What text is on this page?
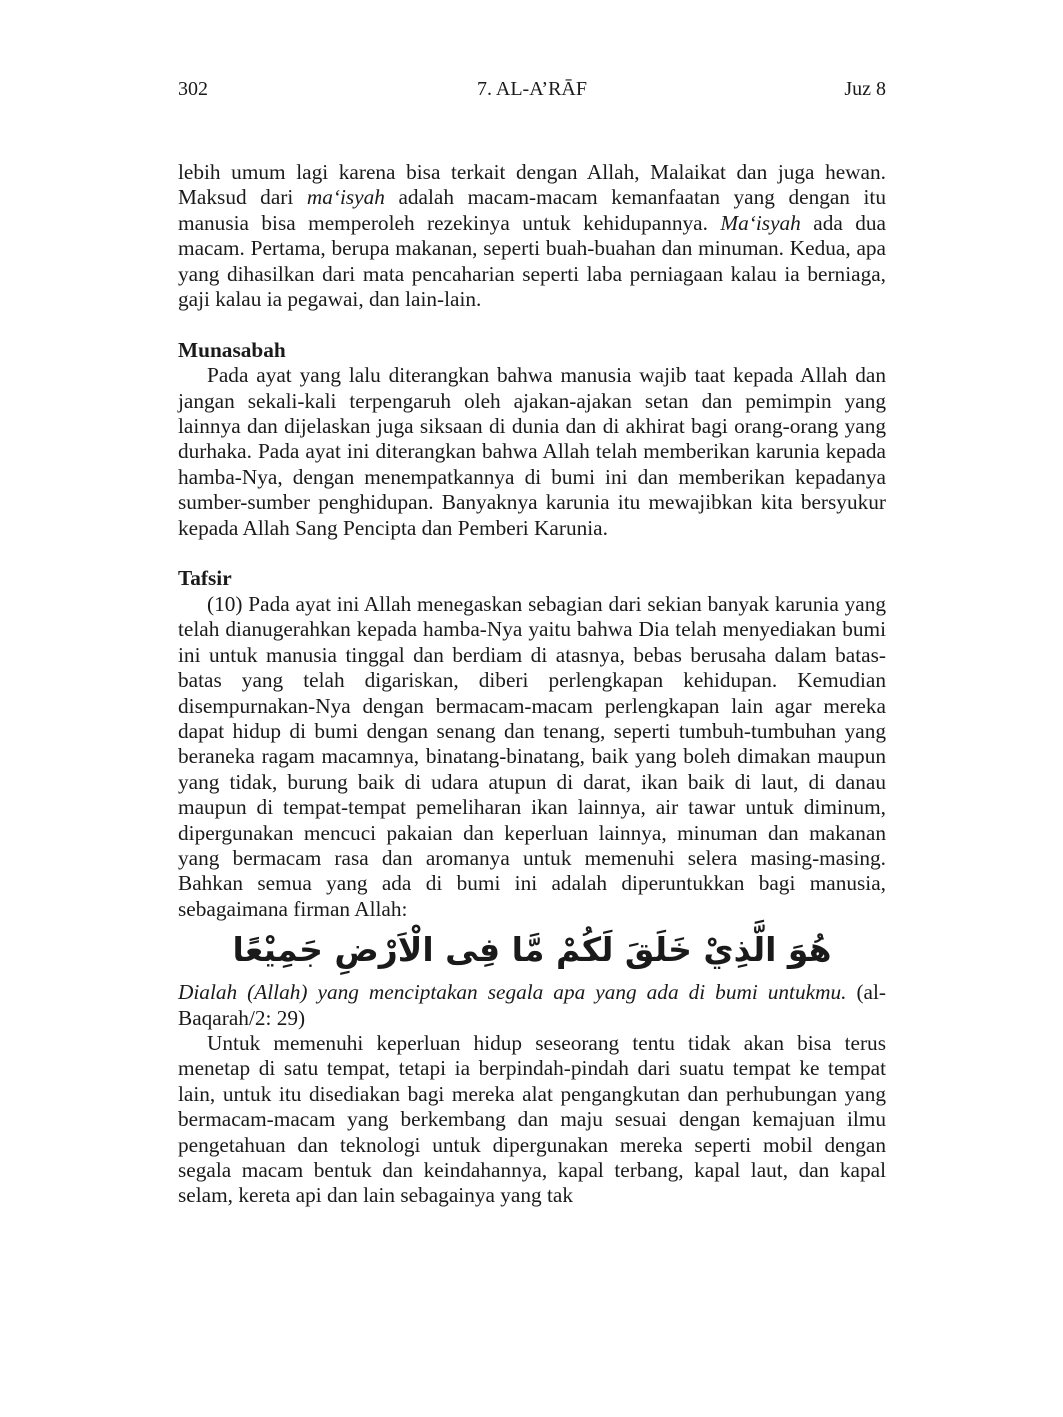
302	7. AL-A’RĀF	Juz 8

lebih umum lagi karena bisa terkait dengan Allah, Malaikat dan juga hewan. Maksud dari ma‘isyah adalah macam-macam kemanfaatan yang dengan itu manusia bisa memperoleh rezekinya untuk kehidupannya. Ma‘isyah ada dua macam. Pertama, berupa makanan, seperti buah-buahan dan minuman. Kedua, apa yang dihasilkan dari mata pencaharian seperti laba perniagaan kalau ia berniaga, gaji kalau ia pegawai, dan lain-lain.

Munasabah

Pada ayat yang lalu diterangkan bahwa manusia wajib taat kepada Allah dan jangan sekali-kali terpengaruh oleh ajakan-ajakan setan dan pemimpin yang lainnya dan dijelaskan juga siksaan di dunia dan di akhirat bagi orang-orang yang durhaka. Pada ayat ini diterangkan bahwa Allah telah memberikan karunia kepada hamba-Nya, dengan menempatkannya di bumi ini dan memberikan kepadanya sumber-sumber penghidupan. Banyaknya karunia itu mewajibkan kita bersyukur kepada Allah Sang Pencipta dan Pemberi Karunia.

Tafsir

(10) Pada ayat ini Allah menegaskan sebagian dari sekian banyak karunia yang telah dianugerahkan kepada hamba-Nya yaitu bahwa Dia telah menyediakan bumi ini untuk manusia tinggal dan berdiam di atasnya, bebas berusaha dalam batas-batas yang telah digariskan, diberi perlengkapan kehidupan. Kemudian disempurnakan-Nya dengan bermacam-macam perlengkapan lain agar mereka dapat hidup di bumi dengan senang dan tenang, seperti tumbuh-tumbuhan yang beraneka ragam macamnya, binatang-binatang, baik yang boleh dimakan maupun yang tidak, burung baik di udara atupun di darat, ikan baik di laut, di danau maupun di tempat-tempat pemeliharan ikan lainnya, air tawar untuk diminum, dipergunakan mencuci pakaian dan keperluan lainnya, minuman dan makanan yang bermacam rasa dan aromanya untuk memenuhi selera masing-masing. Bahkan semua yang ada di bumi ini adalah diperuntukkan bagi manusia, sebagaimana firman Allah:

هُوَ الَّذِيْ خَلَقَ لَكُمْ مَّا فِى الْاَرْضِ جَمِيْعًا

Dialah (Allah) yang menciptakan segala apa yang ada di bumi untukmu. (al-Baqarah/2: 29)

Untuk memenuhi keperluan hidup seseorang tentu tidak akan bisa terus menetap di satu tempat, tetapi ia berpindah-pindah dari suatu tempat ke tempat lain, untuk itu disediakan bagi mereka alat pengangkutan dan perhubungan yang bermacam-macam yang berkembang dan maju sesuai dengan kemajuan ilmu pengetahuan dan teknologi untuk dipergunakan mereka seperti mobil dengan segala macam bentuk dan keindahannya, kapal terbang, kapal laut, dan kapal selam, kereta api dan lain sebagainya yang tak
